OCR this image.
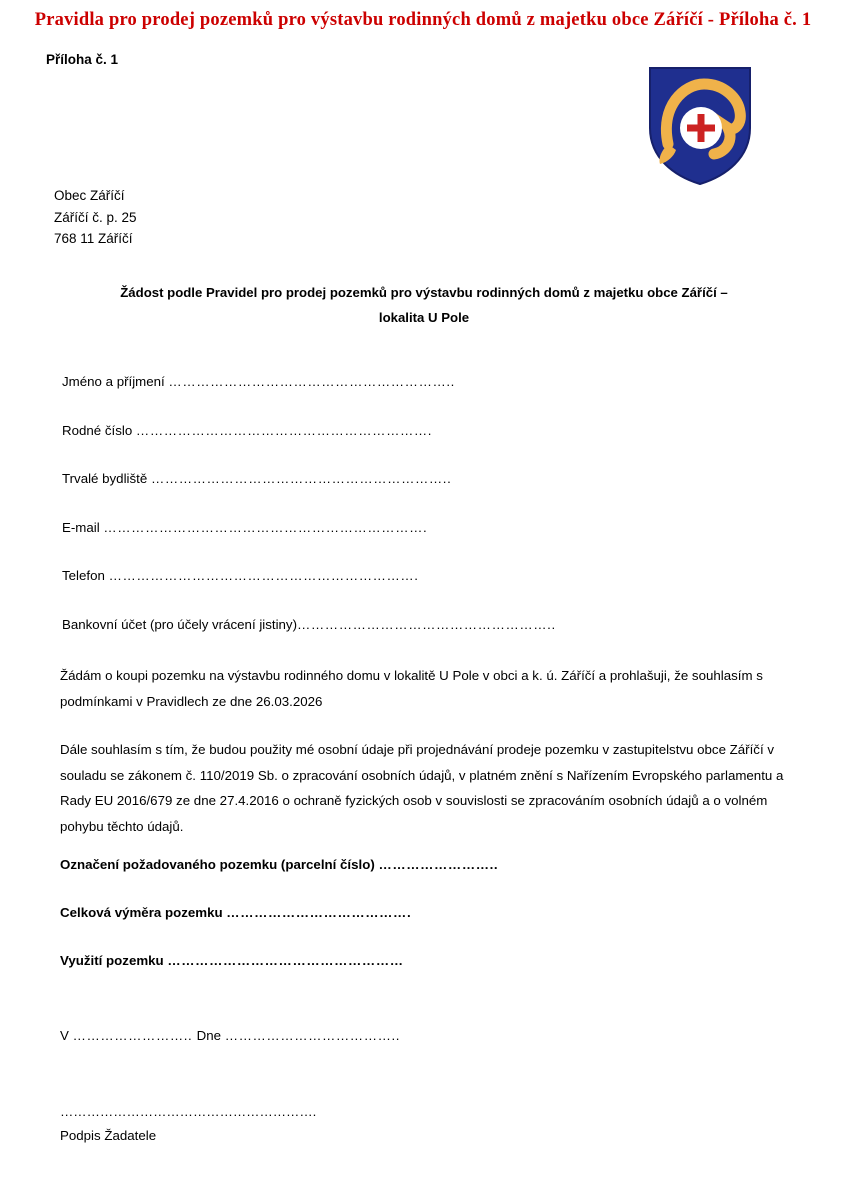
Pravidla pro prodej pozemků pro výstavbu rodinných domů z majetku obce Záříčí - Příloha č. 1
Příloha č. 1
Obec Záříčí
Záříčí č. p. 25
768 11 Záříčí
Žádost podle Pravidel pro prodej pozemků pro výstavbu rodinných domů z majetku obce Záříčí –
lokalita U Pole
Jméno a příjmení ……………………………………………………..
Rodné číslo ……………………………………………………….
Trvalé bydliště ………………………………………………………..
E-mail …………………………………………………………….
Telefon ………………………………………………………….
Bankovní účet (pro účely vrácení jistiny)………………………………………………..
Žádám o koupi pozemku na výstavbu rodinného domu v lokalitě U Pole v obci a k. ú. Záříčí a prohlašuji, že souhlasím s podmínkami v Pravidlech ze dne 26.03.2026
Dále souhlasím s tím, že budou použity mé osobní údaje při projednávání prodeje pozemku v zastupitelstvu obce Záříčí v souladu se zákonem č. 110/2019 Sb. o zpracování osobních údajů, v platném znění s Nařízením Evropského parlamentu a Rady EU 2016/679 ze dne 27.4.2016 o ochraně fyzických osob v souvislosti se zpracováním osobních údajů a o volném pohybu těchto údajů.
Označení požadovaného pozemku (parcelní číslo) ……………………..
Celková výměra pozemku ………………………………….
Využití pozemku ……………………………………………
V …………………….. Dne ………………………………..
………………………………………………….
Podpis Žadatele
